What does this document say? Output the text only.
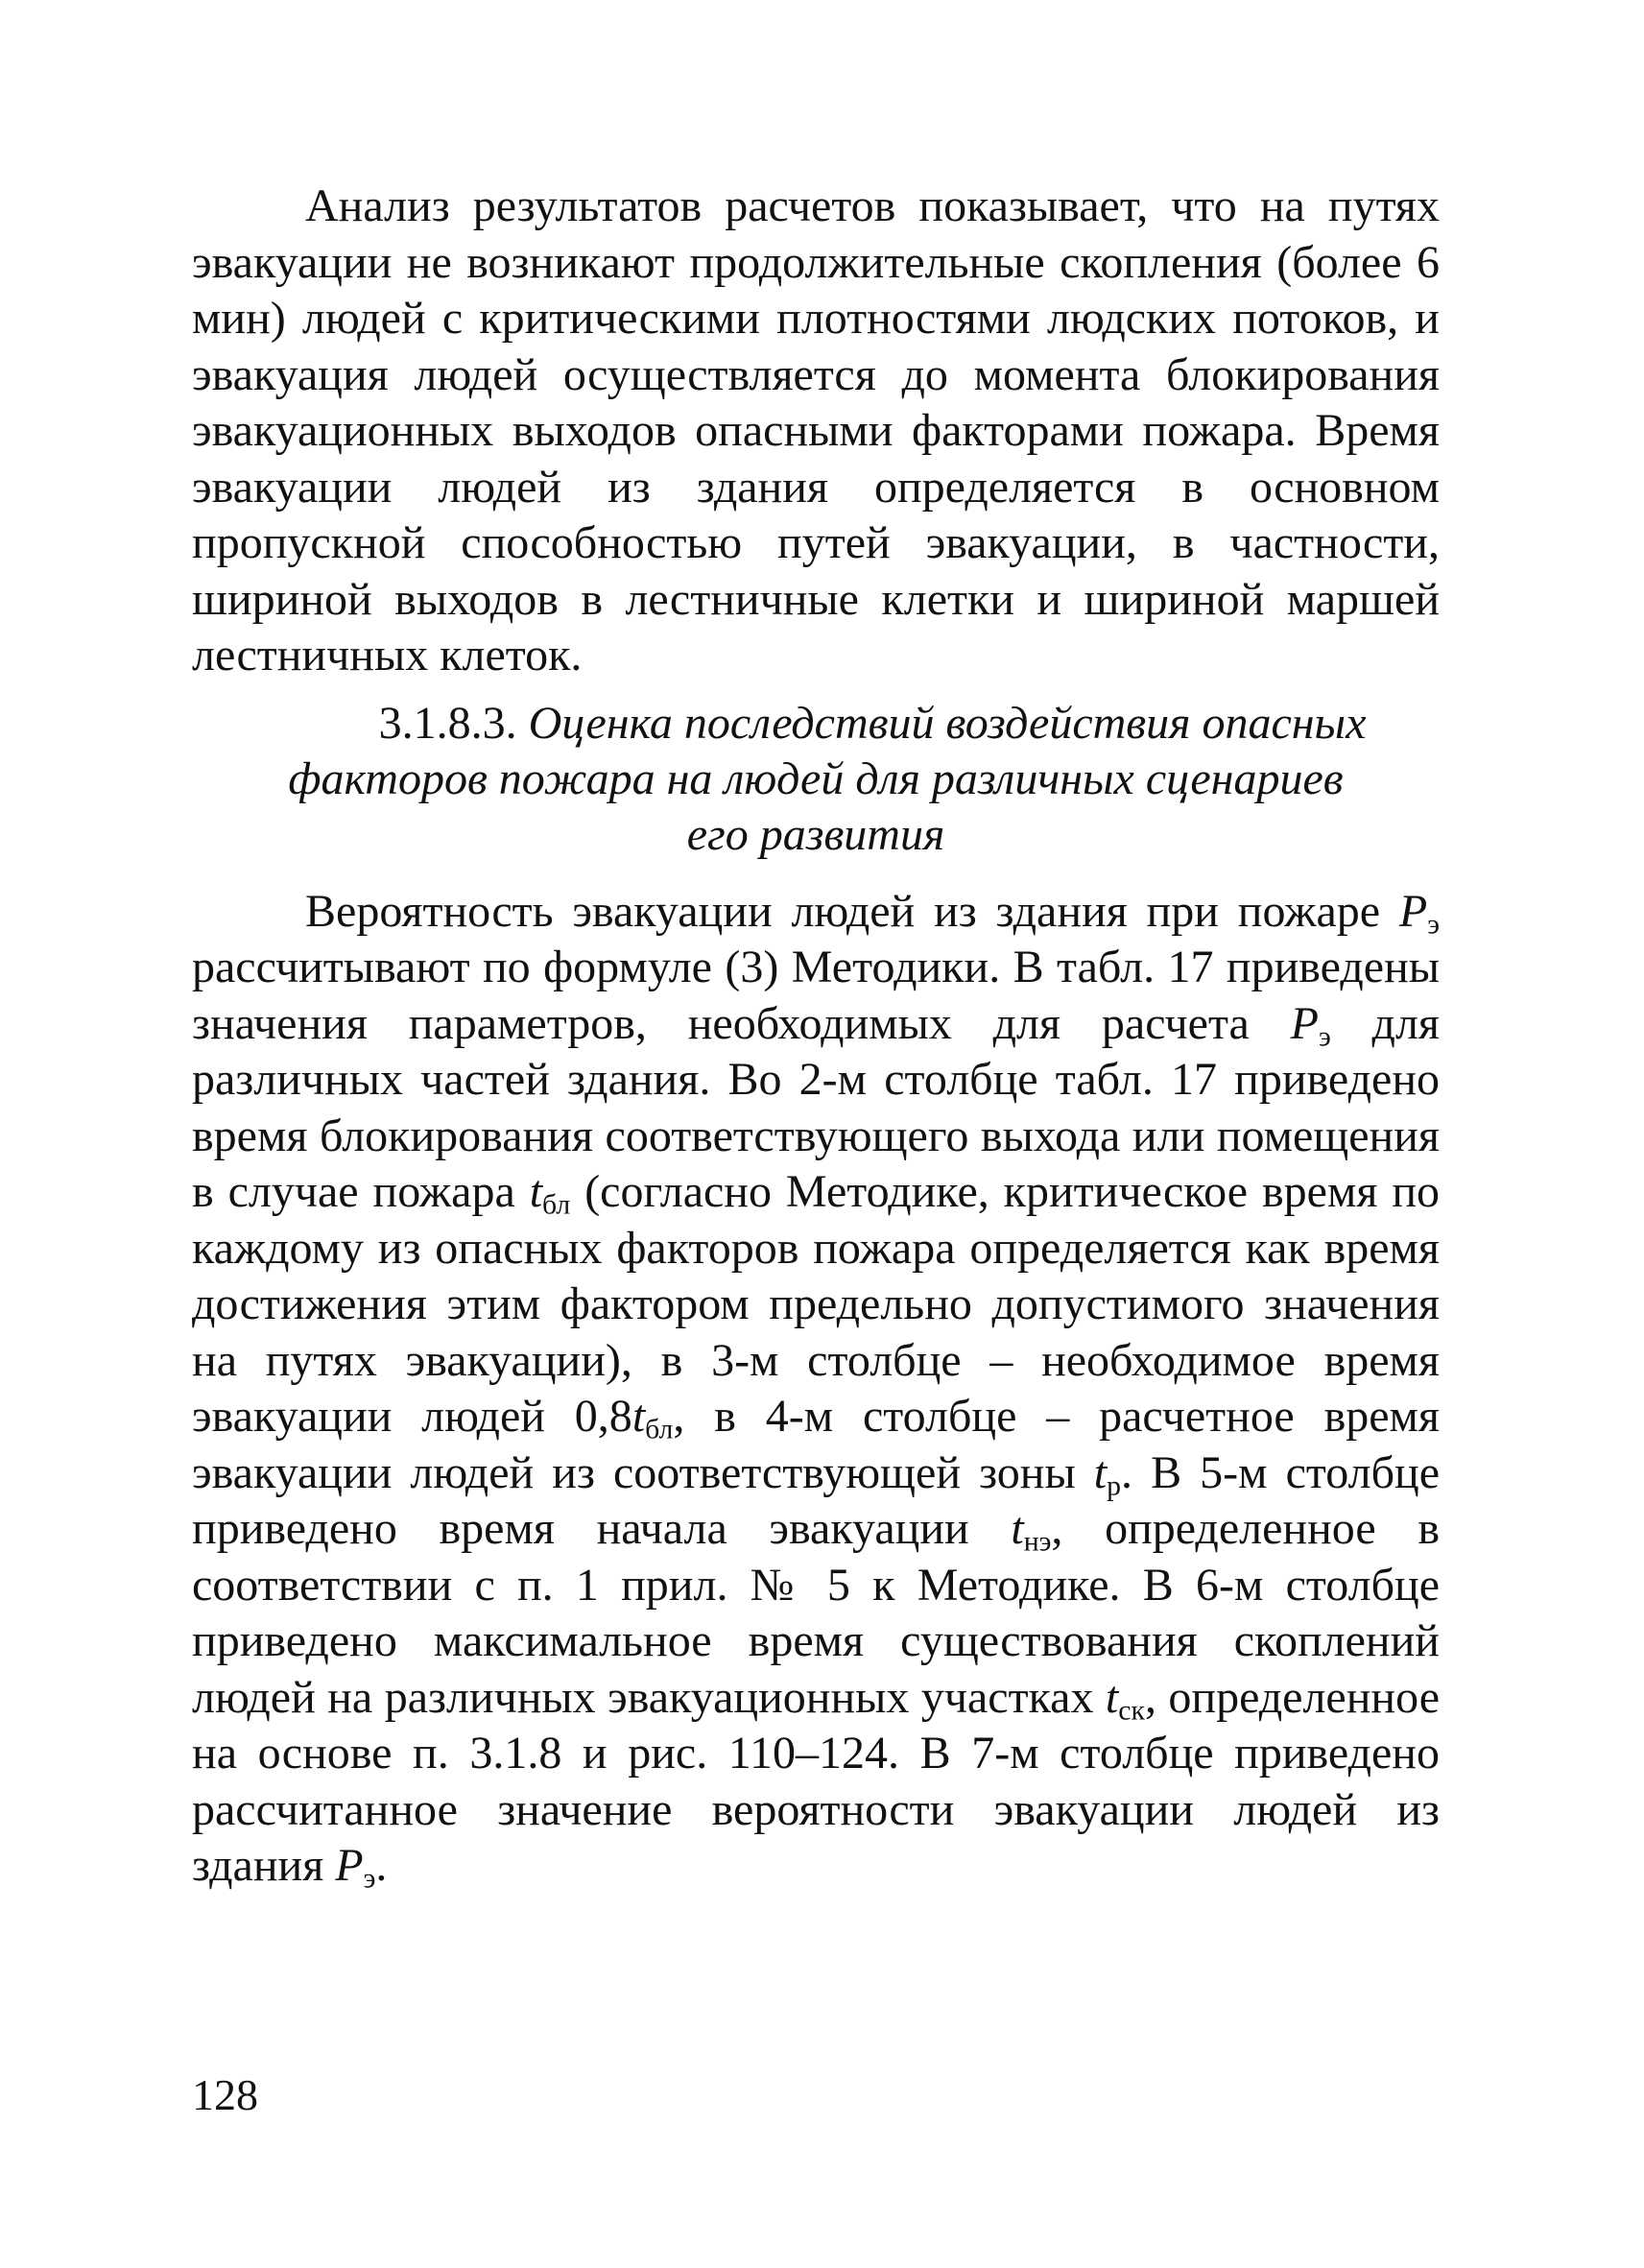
Анализ результатов расчетов показывает, что на путях эвакуации не возникают продолжительные скопления (более 6 мин) людей с критическими плотностями людских потоков, и эвакуация людей осуществляется до момента блокирования эвакуационных выходов опасными факторами пожара. Время эвакуации людей из здания определяется в основном пропускной способностью путей эвакуации, в частности, шириной выходов в лестничные клетки и шириной маршей лестничных клеток.

3.1.8.3. Оценка последствий воздействия опасных
факторов пожара на людей для различных сценариев
его развития

Вероятность эвакуации людей из здания при пожаре $P_э$ рассчитывают по формуле (3) Методики. В табл. 17 приведены значения параметров, необходимых для расчета $P_э$ для различных частей здания. Во 2-м столбце табл. 17 приведено время блокирования соответствующего выхода или помещения в случае пожара $t_{бл}$ (согласно Методике, критическое время по каждому из опасных факторов пожара определяется как время достижения этим фактором предельно допустимого значения на путях эвакуации), в 3-м столбце – необходимое время эвакуации людей $0,8t_{бл}$, в 4-м столбце – расчетное время эвакуации людей из соответствующей зоны $t_р$. В 5-м столбце приведено время начала эвакуации $t_{нэ}$, определенное в соответствии с п. 1 прил. № 5 к Методике. В 6-м столбце приведено максимальное время существования скоплений людей на различных эвакуационных участках $t_{ск}$, определенное на основе п. 3.1.8 и рис. 110–124. В 7-м столбце приведено рассчитанное значение вероятности эвакуации людей из здания $P_э$.

128
